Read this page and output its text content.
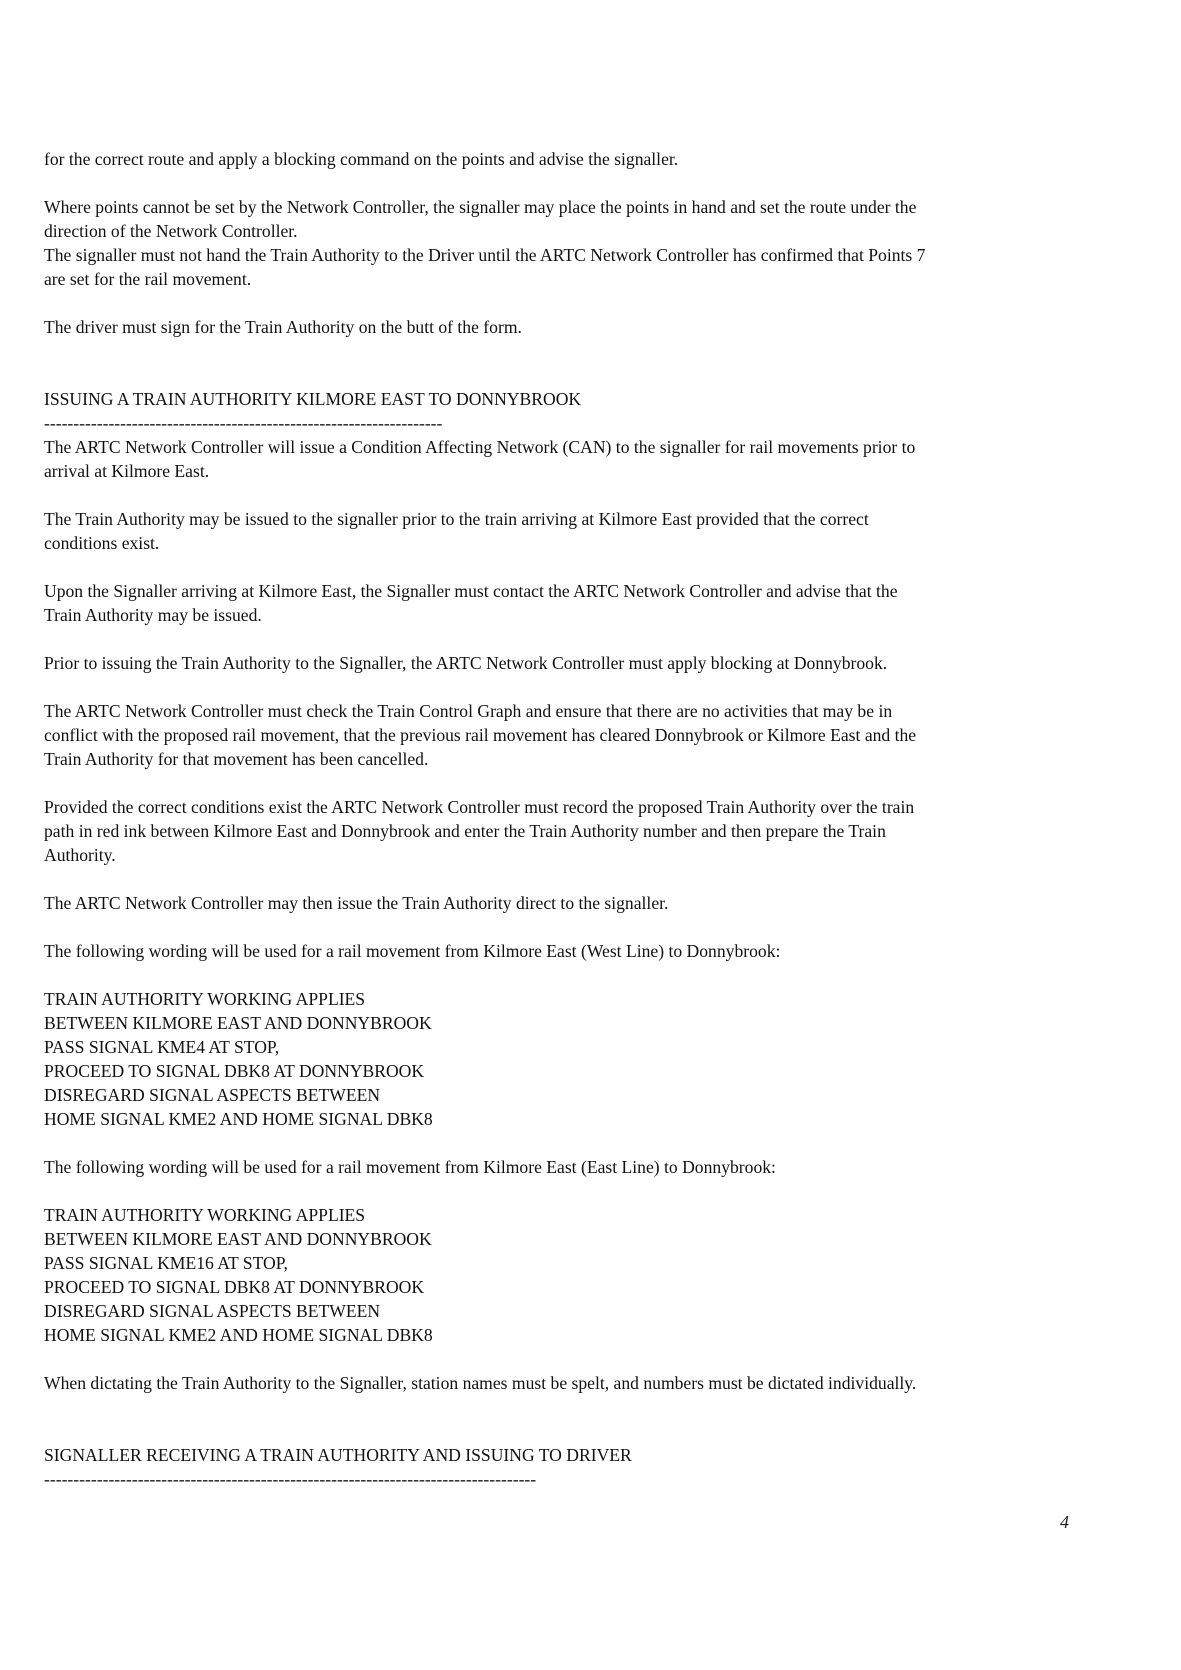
for the correct route and apply a blocking command on the points and advise the signaller.

Where points cannot be set by the Network Controller, the signaller may place the points in hand and set the route under the
direction of the Network Controller.

The signaller must not hand the Train Authority to the Driver until the ARTC Network Controller has confirmed that Points 7
are set for the rail movement.

The driver must sign for the Train Authority on the butt of the form.

ISSUING A TRAIN AUTHORITY KILMORE EAST TO DONNYBROOK

--------------------------------------------------------------------

The ARTC Network Controller will issue a Condition Affecting Network (CAN) to the signaller for rail movements prior to
arrival at Kilmore East.

The Train Authority may be issued to the signaller prior to the train arriving at Kilmore East provided that the correct
conditions exist.

Upon the Signaller arriving at Kilmore East, the Signaller must contact the ARTC Network Controller and advise that the
Train Authority may be issued.

Prior to issuing the Train Authority to the Signaller, the ARTC Network Controller must apply blocking at Donnybrook.

The ARTC Network Controller must check the Train Control Graph and ensure that there are no activities that may be in
conflict with the proposed rail movement, that the previous rail movement has cleared Donnybrook or Kilmore East and the
Train Authority for that movement has been cancelled.

Provided the correct conditions exist the ARTC Network Controller must record the proposed Train Authority over the train
path in red ink between Kilmore East and Donnybrook and enter the Train Authority number and then prepare the Train
Authority.

The ARTC Network Controller may then issue the Train Authority direct to the signaller.

The following wording will be used for a rail movement from Kilmore East (West Line) to Donnybrook:

TRAIN AUTHORITY WORKING APPLIES

BETWEEN KILMORE EAST AND DONNYBROOK

PASS SIGNAL KME4 AT STOP,

PROCEED TO SIGNAL DBK8 AT DONNYBROOK

DISREGARD SIGNAL ASPECTS BETWEEN

HOME SIGNAL KME2 AND HOME SIGNAL DBK8

The following wording will be used for a rail movement from Kilmore East (East Line) to Donnybrook:

TRAIN AUTHORITY WORKING APPLIES

BETWEEN KILMORE EAST AND DONNYBROOK

PASS SIGNAL KME16 AT STOP,

PROCEED TO SIGNAL DBK8 AT DONNYBROOK

DISREGARD SIGNAL ASPECTS BETWEEN

HOME SIGNAL KME2 AND HOME SIGNAL DBK8

When dictating the Train Authority to the Signaller, station names must be spelt, and numbers must be dictated individually.

SIGNALLER RECEIVING A TRAIN AUTHORITY AND ISSUING TO DRIVER

------------------------------------------------------------------------------------

4
